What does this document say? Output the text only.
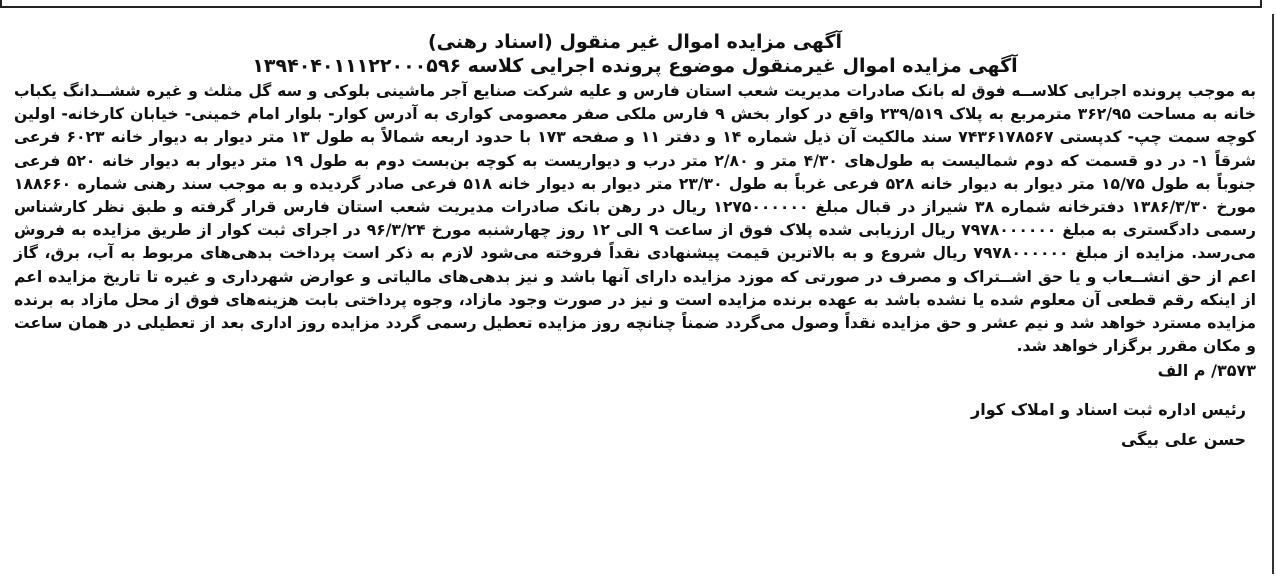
آگهی مزایده اموال غیر منقول (اسناد رهنی)
آگهی مزایده اموال غیرمنقول موضوع پرونده اجرایی کلاسه ۱۳۹۴۰۴۰۱۱۱۲۲۰۰۰۵۹۶

به موجب پرونده اجرایی کلاســه فوق له بانک صادرات مدیریت شعب استان فارس و علیه شرکت صنایع آجر ماشینی بلوکی و سه گل مثلث و غیره ششــدانگ یکباب خانه به مساحت ۳۶۲/۹۵ مترمربع به پلاک ۲۳۹/۵۱۹ واقع در کوار بخش ۹ فارس ملکی صفر معصومی کواری به آدرس کوار- بلوار امام خمینی- خیابان کارخانه- اولین کوچه سمت چپ- کدپستی ۷۴۳۶۱۷۸۵۶۷ سند مالکیت آن ذیل شماره ۱۴ و دفتر ۱۱ و صفحه ۱۷۳ با حدود اربعه شمالاً به طول ۱۳ متر دیوار به دیوار خانه ۶۰۲۳ فرعی شرقاً ۱- در دو قسمت که دوم شمالیست به طول‌های ۴/۳۰ متر و ۲/۸۰ متر درب و دیواریست به کوچه بن‌بست دوم به طول ۱۹ متر دیوار به دیوار خانه ۵۲۰ فرعی جنوباً به طول ۱۵/۷۵ متر دیوار به دیوار خانه ۵۲۸ فرعی غرباً به طول ۲۳/۳۰ متر دیوار به دیوار خانه ۵۱۸ فرعی صادر گردیده و به موجب سند رهنی شماره ۱۸۸۶۶۰ مورخ ۱۳۸۶/۳/۳۰ دفترخانه شماره ۳۸ شیراز در قبال مبلغ ۱۲۷۵۰۰۰۰۰۰ ریال در رهن بانک صادرات مدیریت شعب استان فارس قرار گرفته و طبق نظر کارشناس رسمی دادگستری به مبلغ ۷۹۷۸۰۰۰۰۰۰ ریال ارزیابی شده پلاک فوق از ساعت ۹ الی ۱۲ روز چهارشنبه مورخ ۹۶/۳/۲۴ در اجرای ثبت کوار از طریق مزایده به فروش می‌رسد. مزایده از مبلغ ۷۹۷۸۰۰۰۰۰۰ ریال شروع و به بالاترین قیمت پیشنهادی نقداً فروخته می‌شود لازم به ذکر است پرداخت بدهی‌های مربوط به آب، برق، گاز اعم از حق انشــعاب و یا حق اشــتراک و مصرف در صورتی که موزد مزایده دارای آنها باشد و نیز بدهی‌های مالیاتی و عوارض شهرداری و غیره تا تاریخ مزایده اعم از اینکه رقم قطعی آن معلوم شده یا نشده باشد به عهده برنده مزایده است و نیز در صورت وجود مازاد، وجوه پرداختی بابت هزینه‌های فوق از محل مازاد به برنده مزایده مسترد خواهد شد و نیم عشر و حق مزایده نقداً وصول می‌گردد ضمناً چنانچه روز مزایده تعطیل رسمی گردد مزایده روز اداری بعد از تعطیلی در همان ساعت و مکان مقرر برگزار خواهد شد.

۳۵۷۳/ م الف
رئیس اداره ثبت اسناد و املاک کوار
حسن علی بیگی
